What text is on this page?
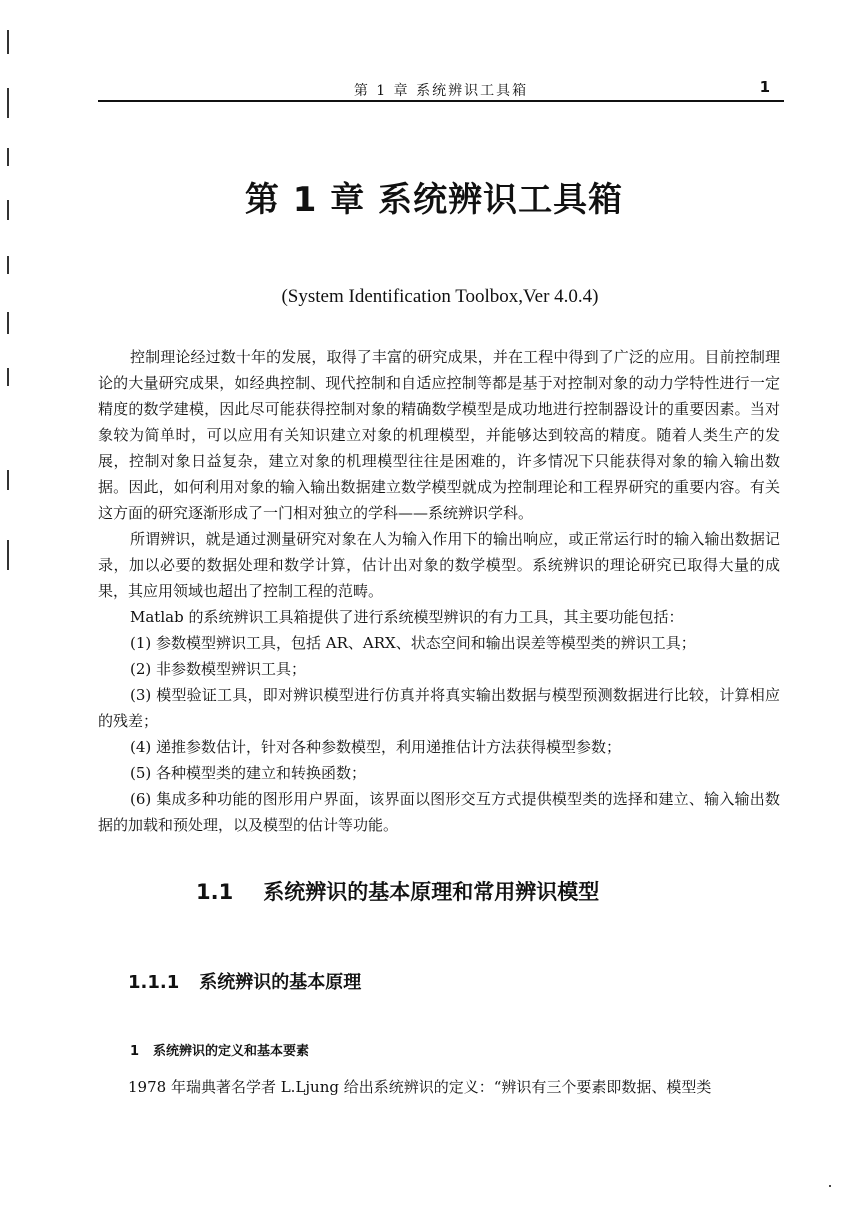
第 1 章 系统辨识工具箱	1
第 1 章 系统辨识工具箱
(System Identification Toolbox,Ver 4.0.4)

控制理论经过数十年的发展，取得了丰富的研究成果，并在工程中得到了广泛的应用。目前控制理论的大量研究成果，如经典控制、现代控制和自适应控制等都是基于对控制对象的动力学特性进行一定精度的数学建模，因此尽可能获得控制对象的精确数学模型是成功地进行控制器设计的重要因素。当对象较为简单时，可以应用有关知识建立对象的机理模型，并能够达到较高的精度。随着人类生产的发展，控制对象日益复杂，建立对象的机理模型往往是困难的，许多情况下只能获得对象的输入输出数据。因此，如何利用对象的输入输出数据建立数学模型就成为控制理论和工程界研究的重要内容。有关这方面的研究逐渐形成了一门相对独立的学科——系统辨识学科。

所谓辨识，就是通过测量研究对象在人为输入作用下的输出响应，或正常运行时的输入输出数据记录，加以必要的数据处理和数学计算，估计出对象的数学模型。系统辨识的理论研究已取得大量的成果，其应用领域也超出了控制工程的范畴。

Matlab 的系统辨识工具箱提供了进行系统模型辨识的有力工具，其主要功能包括：

(1) 参数模型辨识工具，包括 AR、ARX、状态空间和输出误差等模型类的辨识工具；

(2) 非参数模型辨识工具；

(3) 模型验证工具，即对辨识模型进行仿真并将真实输出数据与模型预测数据进行比较，计算相应的残差；

(4) 递推参数估计，针对各种参数模型，利用递推估计方法获得模型参数；

(5) 各种模型类的建立和转换函数；

(6) 集成多种功能的图形用户界面，该界面以图形交互方式提供模型类的选择和建立、输入输出数据的加载和预处理，以及模型的估计等功能。

1.1 系统辨识的基本原理和常用辨识模型
1.1.1 系统辨识的基本原理
1 系统辨识的定义和基本要素
1978 年瑞典著名学者 L.Ljung 给出系统辨识的定义：“辨识有三个要素即数据、模型类
